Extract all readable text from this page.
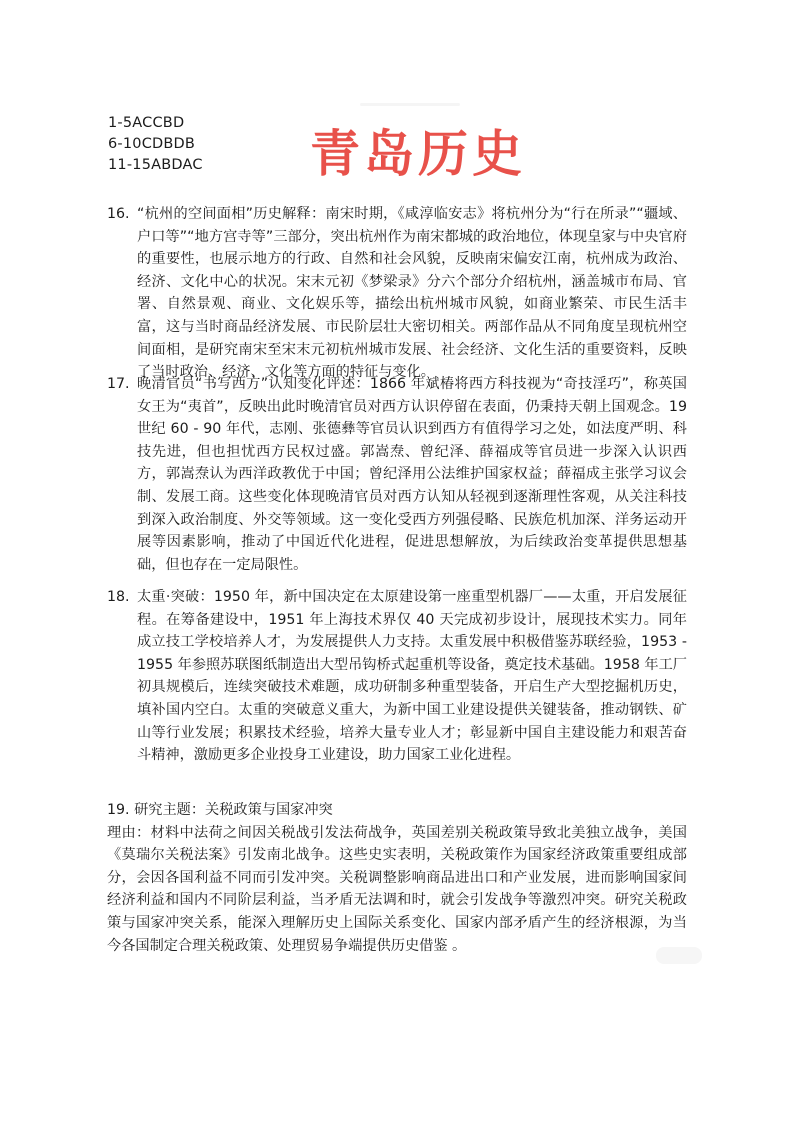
1-5ACCBD
6-10CDBDB
11-15ABDAC 青岛历史
16. “杭州的空间面相”历史解释：南宋时期，《咸淳临安志》将杭州分为“行在所录”“疆域、户口等”“地方宫寺等”三部分，突出杭州作为南宋都城的政治地位，体现皇家与中央官府的重要性，也展示地方的行政、自然和社会风貌，反映南宋偏安江南，杭州成为政治、经济、文化中心的状况。宋末元初《梦梁录》分六个部分介绍杭州，涵盖城市布局、官署、自然景观、商业、文化娱乐等，描绘出杭州城市风貌，如商业繁荣、市民生活丰富，这与当时商品经济发展、市民阶层壮大密切相关。两部作品从不同角度呈现杭州空间面相，是研究南宋至宋末元初杭州城市发展、社会经济、文化生活的重要资料，反映了当时政治、经济、文化等方面的特征与变化。
17. 晚清官员“书写西方”认知变化评述：1866 年斌椿将西方科技视为“奇技淫巧”，称英国女王为“夷首”，反映出此时晚清官员对西方认识停留在表面，仍秉持天朝上国观念。19 世纪 60 - 90 年代，志刚、张德彝等官员认识到西方有值得学习之处，如法度严明、科技先进，但也担忧西方民权过盛。郭嵩焘、曾纪泽、薛福成等官员进一步深入认识西方，郭嵩焘认为西洋政教优于中国；曾纪泽用公法维护国家权益；薛福成主张学习议会制、发展工商。这些变化体现晚清官员对西方认知从轻视到逐渐理性客观，从关注科技到深入政治制度、外交等领域。这一变化受西方列强侵略、民族危机加深、洋务运动开展等因素影响，推动了中国近代化进程，促进思想解放，为后续政治变革提供思想基础，但也存在一定局限性。
18. 太重·突破：1950 年，新中国决定在太原建设第一座重型机器厂——太重，开启发展征程。在筹备建设中，1951 年上海技术界仅 40 天完成初步设计，展现技术实力。同年成立技工学校培养人才，为发展提供人力支持。太重发展中积极借鉴苏联经验，1953 - 1955 年参照苏联图纸制造出大型吊钩桥式起重机等设备，奠定技术基础。1958 年工厂初具规模后，连续突破技术难题，成功研制多种重型装备，开启生产大型挖掘机历史，填补国内空白。太重的突破意义重大，为新中国工业建设提供关键装备，推动钢铁、矿山等行业发展；积累技术经验，培养大量专业人才；彰显新中国自主建设能力和艰苦奋斗精神，激励更多企业投身工业建设，助力国家工业化进程。
19. 研究主题：关税政策与国家冲突
理由：材料中法荷之间因关税战引发法荷战争，英国差别关税政策导致北美独立战争，美国《莫瑞尔关税法案》引发南北战争。这些史实表明，关税政策作为国家经济政策重要组成部分，会因各国利益不同而引发冲突。关税调整影响商品进出口和产业发展，进而影响国家间经济利益和国内不同阶层利益，当矛盾无法调和时，就会引发战争等激烈冲突。研究关税政策与国家冲突关系，能深入理解历史上国际关系变化、国家内部矛盾产生的经济根源，为当今各国制定合理关税政策、处理贸易争端提供历史借鉴 。
